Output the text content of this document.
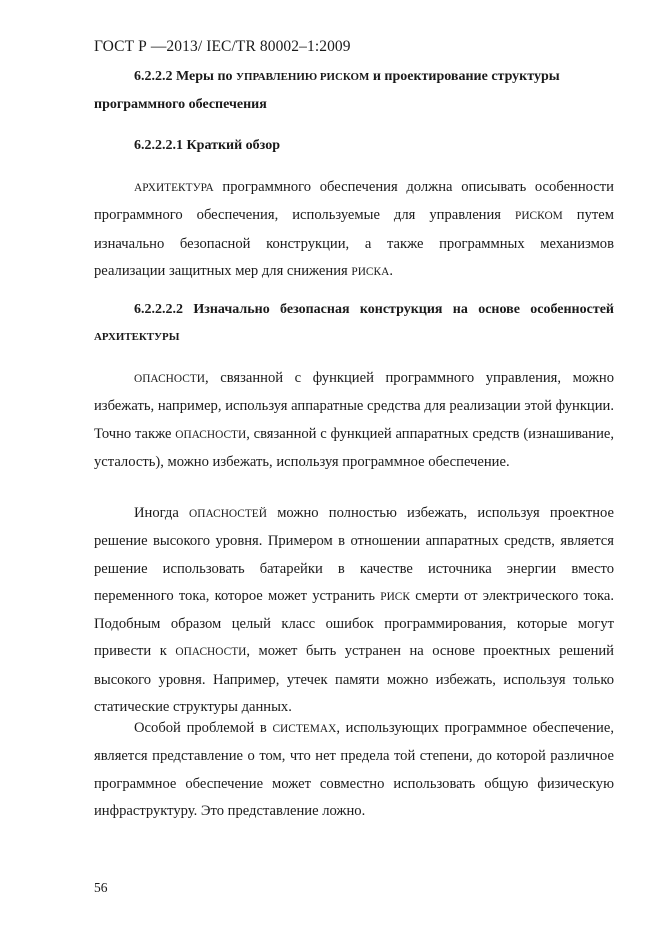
ГОСТ Р —2013/ IEC/TR 80002–1:2009
6.2.2.2 Меры по УПРАВЛЕНИЮ РИСКОМ и проектирование структуры программного обеспечения
6.2.2.2.1 Краткий обзор
АРХИТЕКТУРА программного обеспечения должна описывать особенности программного обеспечения, используемые для управления РИСКОМ путем изначально безопасной конструкции, а также программных механизмов реализации защитных мер для снижения РИСКА.
6.2.2.2.2 Изначально безопасная конструкция на основе особенностей АРХИТЕКТУРЫ
ОПАСНОСТИ, связанной с функцией программного управления, можно избежать, например, используя аппаратные средства для реализации этой функции. Точно также ОПАСНОСТИ, связанной с функцией аппаратных средств (изнашивание, усталость), можно избежать, используя программное обеспечение.
Иногда ОПАСНОСТЕЙ можно полностью избежать, используя проектное решение высокого уровня. Примером в отношении аппаратных средств, является решение использовать батарейки в качестве источника энергии вместо переменного тока, которое может устранить РИСК смерти от электрического тока. Подобным образом целый класс ошибок программирования, которые могут привести к ОПАСНОСТИ, может быть устранен на основе проектных решений высокого уровня. Например, утечек памяти можно избежать, используя только статические структуры данных.
Особой проблемой в СИСТЕМАХ, использующих программное обеспечение, является представление о том, что нет предела той степени, до которой различное программное обеспечение может совместно использовать общую физическую инфраструктуру. Это представление ложно.
56
